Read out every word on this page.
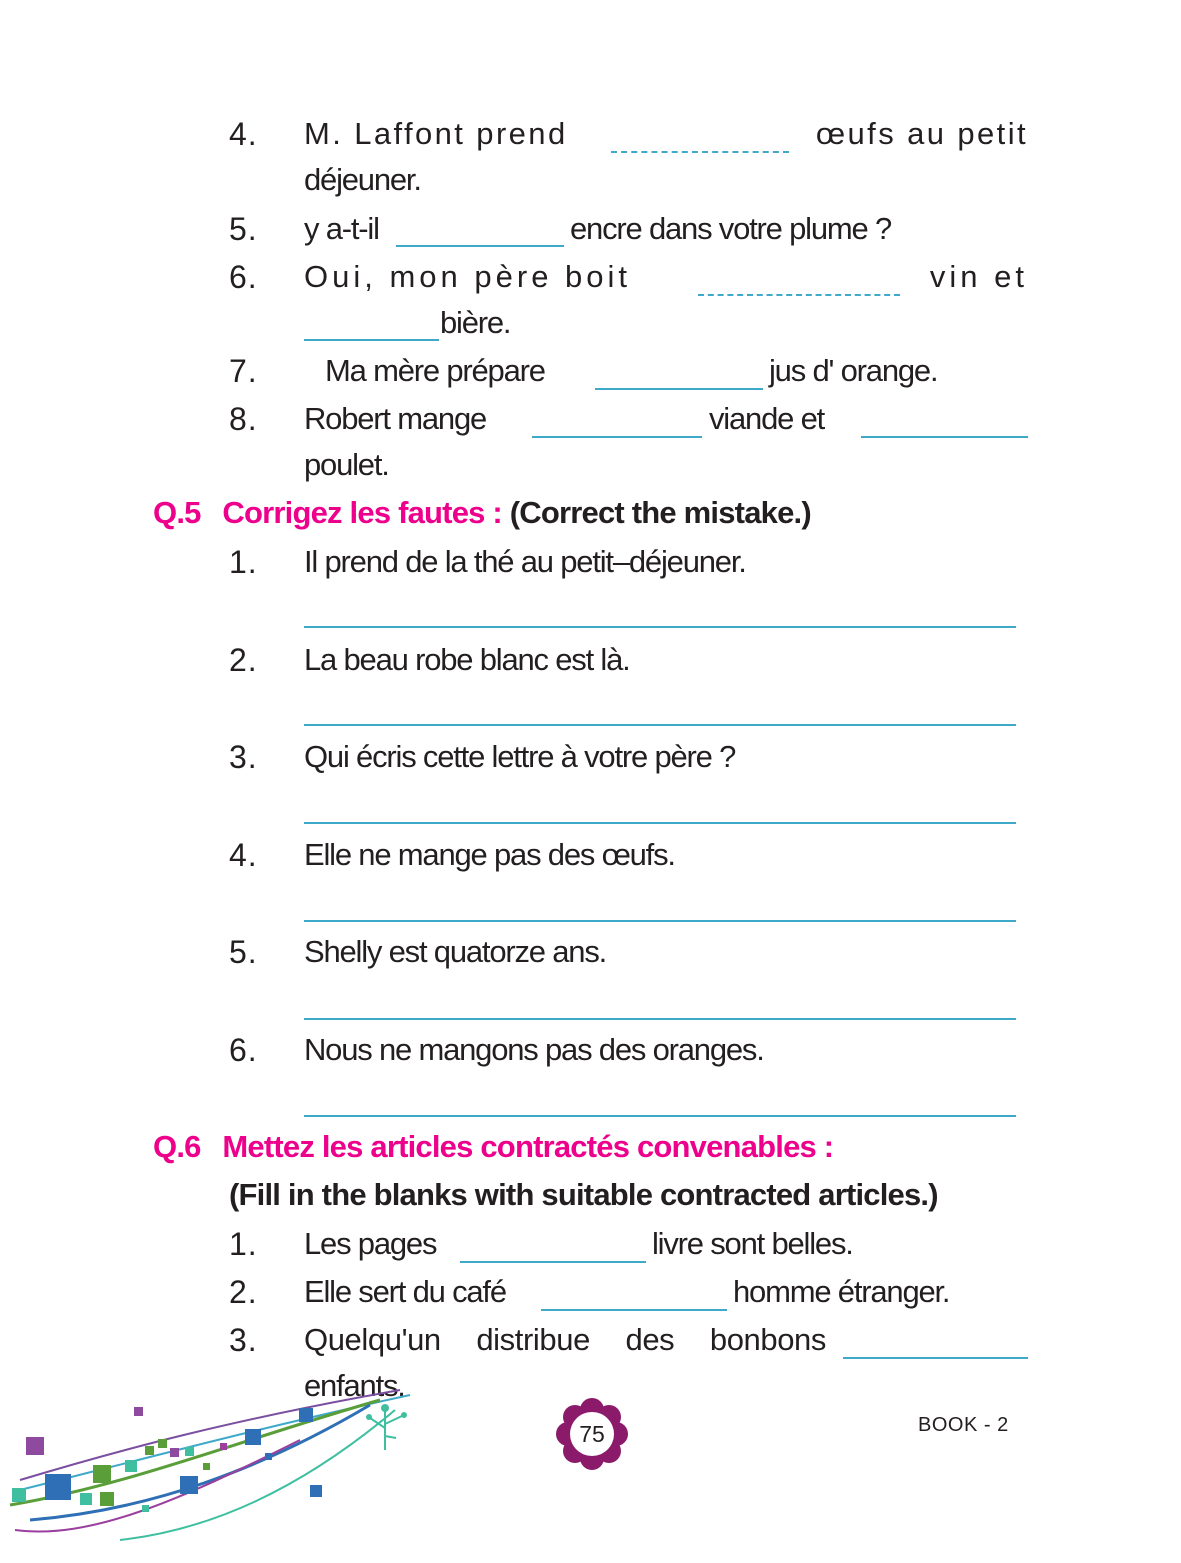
4. M. Laffont prend	œufs au petit
déjeuner.
5. y a-t-il	encre dans votre plume ?
6. Oui, mon père boit	vin et
bière.
7. Ma mère prépare	jus d' orange.
8. Robert mange	viande et
poulet.
Q.5 Corrigez les fautes : (Correct the mistake.)
1. Il prend de la thé au petit–déjeuner.
2. La beau robe blanc est là.
3. Qui écris cette lettre à votre père ?
4. Elle ne mange pas des œufs.
5. Shelly est quatorze ans.
6. Nous ne mangons pas des oranges.
Q.6 Mettez les articles contractés convenables :
(Fill in the blanks with suitable contracted articles.)
1. Les pages	livre sont belles.
2. Elle sert du café	homme étranger.
3. Quelqu'un distribue des bonbons
enfants.
75	BOOK - 2
